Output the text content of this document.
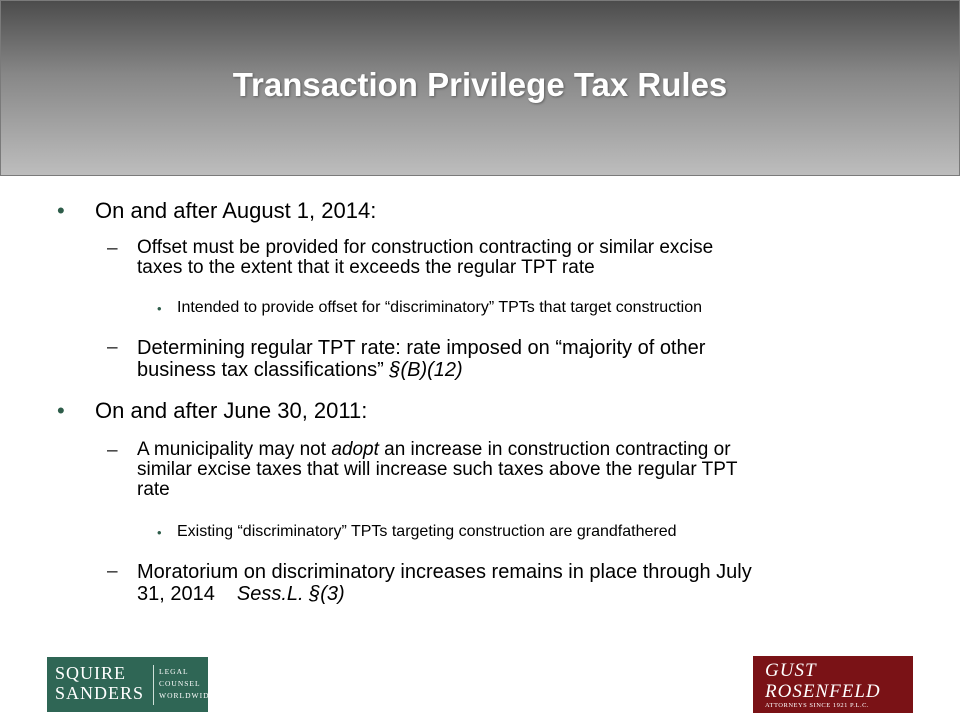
Transaction Privilege Tax Rules
• On and after August 1, 2014:
– Offset must be provided for construction contracting or similar excise
taxes to the extent that it exceeds the regular TPT rate
• Intended to provide offset for “discriminatory” TPTs that target construction
– Determining regular TPT rate: rate imposed on “majority of other
business tax classifications” §(B)(12)
• On and after June 30, 2011:
– A municipality may not adopt an increase in construction contracting or
similar excise taxes that will increase such taxes above the regular TPT
rate
• Existing “discriminatory” TPTs targeting construction are grandfathered
– Moratorium on discriminatory increases remains in place through July
31, 2014 Sess.L. §(3)
SQUIRE
SANDERS
LEGAL
COUNSEL
WORLDWIDE
GUST
ROSENFELD
ATTORNEYS SINCE 1921 P.L.C.
